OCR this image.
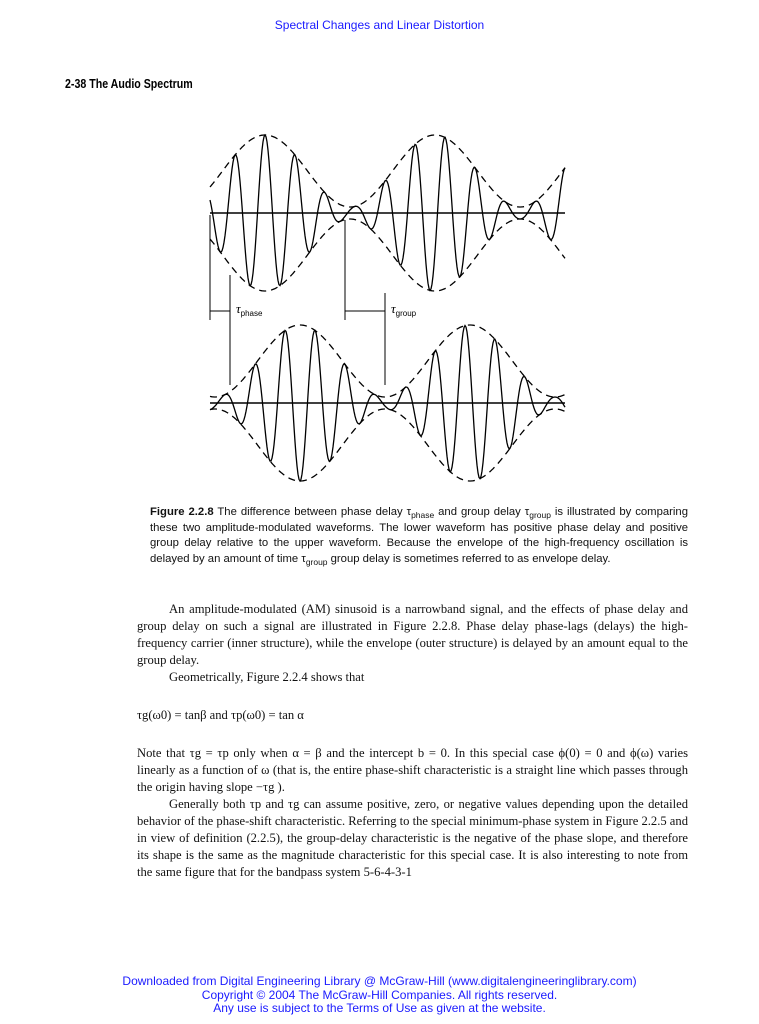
Spectral Changes and Linear Distortion
2-38 The Audio Spectrum
$\tau_{phase}$	$\tau_{group}$
Figure 2.2.8 The difference between phase delay $\tau_{phase}$ and group delay $\tau_{group}$ is illustrated by comparing these two amplitude-modulated waveforms. The lower waveform has positive phase delay and positive group delay relative to the upper waveform. Because the envelope of the high-frequency oscillation is delayed by an amount of time $\tau_{group}$ group delay is sometimes referred to as envelope delay.
An amplitude-modulated (AM) sinusoid is a narrowband signal, and the effects of phase delay and group delay on such a signal are illustrated in Figure 2.2.8. Phase delay phase-lags (delays) the high-frequency carrier (inner structure), while the envelope (outer structure) is delayed by an amount equal to the group delay.
Geometrically, Figure 2.2.4 shows that
τg(ω0) = tanβ and τp(ω0) = tan α
Note that τg = τp only when α = β and the intercept b = 0. In this special case ϕ(0) = 0 and ϕ(ω) varies linearly as a function of ω (that is, the entire phase-shift characteristic is a straight line which passes through the origin having slope −τg ).
Generally both τp and τg can assume positive, zero, or negative values depending upon the detailed behavior of the phase-shift characteristic. Referring to the special minimum-phase system in Figure 2.2.5 and in view of definition (2.2.5), the group-delay characteristic is the negative of the phase slope, and therefore its shape is the same as the magnitude characteristic for this special case. It is also interesting to note from the same figure that for the bandpass system 5-6-4-3-1
Downloaded from Digital Engineering Library @ McGraw-Hill (www.digitalengineeringlibrary.com)
Copyright © 2004 The McGraw-Hill Companies. All rights reserved.
Any use is subject to the Terms of Use as given at the website.
